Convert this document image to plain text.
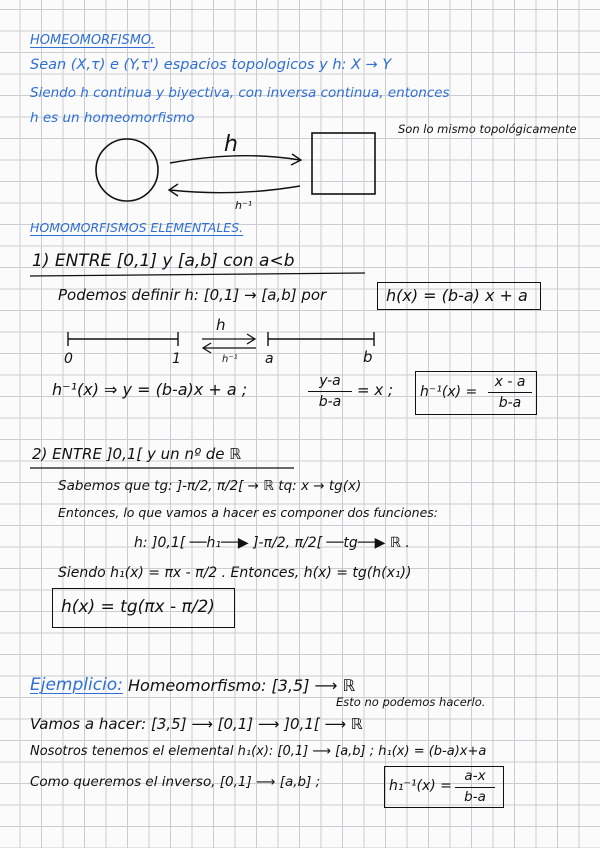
HOMEOMORFISMO.
Sean (X,τ) e (Y,τ') espacios topologicos y h: X → Y
Siendo h continua y biyectiva, con inversa continua, entonces
h es un homeomorfismo
Son lo mismo topológicamente
h
h⁻¹
HOMOMORFISMOS ELEMENTALES.
1) ENTRE [0,1] y [a,b] con a<b
Podemos definir h: [0,1] → [a,b] por	h(x) = (b-a) x + a
0	1	a	b
h
h⁻¹
h⁻¹(x) ⇒ y = (b-a)x + a ;	y-a
b-a
= x ; h⁻¹(x) =
x - a
b-a
2) ENTRE ]0,1[ y un nº de ℝ
Sabemos que tg: ]-π/2, π/2[ → ℝ tq: x → tg(x)
Entonces, lo que vamos a hacer es componer dos funciones:
h: ]0,1[ ──h₁──▶ ]-π/2, π/2[ ──tg──▶ ℝ .
Siendo h₁(x) = πx - π/2 . Entonces, h(x) = tg(h(x₁))
h(x) = tg(πx - π/2)
Ejemplicio: Homeomorfismo: [3,5] ⟶ ℝ
Esto no podemos hacerlo.
Vamos a hacer: [3,5] ⟶ [0,1] ⟶ ]0,1[ ⟶ ℝ
Nosotros tenemos el elemental h₁(x): [0,1] ⟶ [a,b] ; h₁(x) = (b-a)x+a
Como queremos el inverso, [0,1] ⟶ [a,b] ;	h₁⁻¹(x) =
a-x
b-a
